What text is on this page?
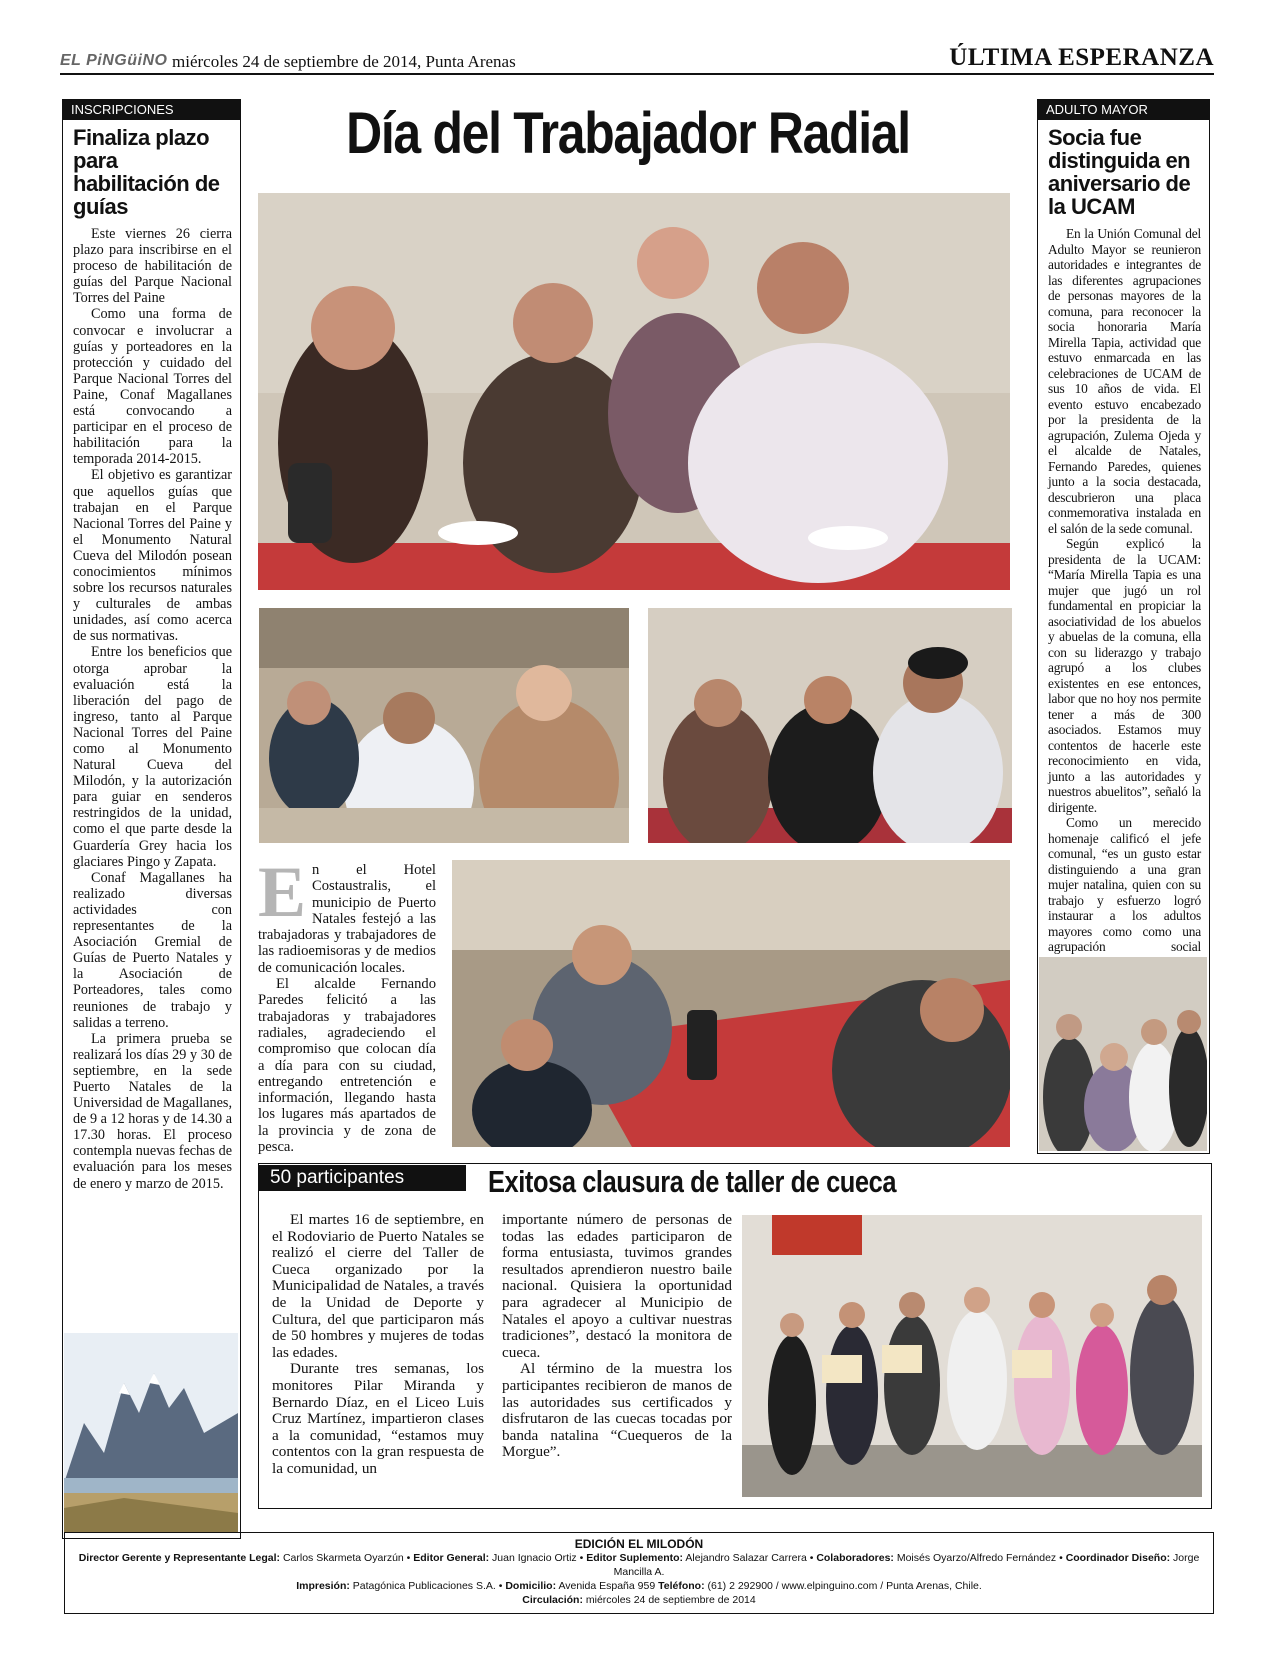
EL PiNGüiNO miércoles 24 de septiembre de 2014, Punta Arenas	ÚLTIMA ESPERANZA
INSCRIPCIONES
Finaliza plazo para habilitación de guías

Este viernes 26 cierra plazo para inscribirse en el proceso de habilitación de guías del Parque Nacional Torres del Paine

Como una forma de convocar e involucrar a guías y porteadores en la protección y cuidado del Parque Nacional Torres del Paine, Conaf Magallanes está convocando a participar en el proceso de habilitación para la temporada 2014-2015.

El objetivo es garantizar que aquellos guías que trabajan en el Parque Nacional Torres del Paine y el Monumento Natural Cueva del Milodón posean conocimientos mínimos sobre los recursos naturales y culturales de ambas unidades, así como acerca de sus normativas.

Entre los beneficios que otorga aprobar la evaluación está la liberación del pago de ingreso, tanto al Parque Nacional Torres del Paine como al Monumento Natural Cueva del Milodón, y la autorización para guiar en senderos restringidos de la unidad, como el que parte desde la Guardería Grey hacia los glaciares Pingo y Zapata.

Conaf Magallanes ha realizado diversas actividades con representantes de la Asociación Gremial de Guías de Puerto Natales y la Asociación de Porteadores, tales como reuniones de trabajo y salidas a terreno.

La primera prueba se realizará los días 29 y 30 de septiembre, en la sede Puerto Natales de la Universidad de Magallanes, de 9 a 12 horas y de 14.30 a 17.30 horas. El proceso contempla nuevas fechas de evaluación para los meses de enero y marzo de 2015.

Día del Trabajador Radial
E n el Hotel Costaustralis, el municipio de Puerto Natales festejó a las trabajadoras y trabajadores de las radioemisoras y de medios de comunicación locales.

El alcalde Fernando Paredes felicitó a las trabajadoras y trabajadores radiales, agradeciendo el compromiso que colocan día a día para con su ciudad, entregando entretención e información, llegando hasta los lugares más apartados de la provincia y de zona de pesca.

ADULTO MAYOR
Socia fue distinguida en aniversario de la UCAM

En la Unión Comunal del Adulto Mayor se reunieron autoridades e integrantes de las diferentes agrupaciones de personas mayores de la comuna, para reconocer la socia honoraria María Mirella Tapia, actividad que estuvo enmarcada en las celebraciones de UCAM de sus 10 años de vida. El evento estuvo encabezado por la presidenta de la agrupación, Zulema Ojeda y el alcalde de Natales, Fernando Paredes, quienes junto a la socia destacada, descubrieron una placa conmemorativa instalada en el salón de la sede comunal.

Según explicó la presidenta de la UCAM: “María Mirella Tapia es una mujer que jugó un rol fundamental en propiciar la asociatividad de los abuelos y abuelas de la comuna, ella con su liderazgo y trabajo agrupó a los clubes existentes en ese entonces, labor que no hoy nos permite tener a más de 300 asociados. Estamos muy contentos de hacerle este reconocimiento en vida, junto a las autoridades y nuestros abuelitos”, señaló la dirigente.

Como un merecido homenaje calificó el jefe comunal, “es un gusto estar distinguiendo a una gran mujer natalina, quien con su trabajo y esfuerzo logró instaurar a los adultos mayores como como una agrupación social

50 participantes	Exitosa clausura de taller de cueca

El martes 16 de septiembre, en el Rodoviario de Puerto Natales se realizó el cierre del Taller de Cueca organizado por la Municipalidad de Natales, a través de la Unidad de Deporte y Cultura, del que participaron más de 50 hombres y mujeres de todas las edades.

Durante tres semanas, los monitores Pilar Miranda y Bernardo Díaz, en el Liceo Luis Cruz Martínez, impartieron clases a la comunidad, “estamos muy contentos con la gran respuesta de la comunidad, un

importante número de personas de todas las edades participaron de forma entusiasta, tuvimos grandes resultados aprendieron nuestro baile nacional. Quisiera la oportunidad para agradecer al Municipio de Natales el apoyo a cultivar nuestras tradiciones”, destacó la monitora de cueca.

Al término de la muestra los participantes recibieron de manos de las autoridades sus certificados y disfrutaron de las cuecas tocadas por banda natalina “Cuequeros de la Morgue”.

EDICIÓN EL MILODÓN
Director Gerente y Representante Legal: Carlos Skarmeta Oyarzún • Editor General: Juan Ignacio Ortiz • Editor Suplemento: Alejandro Salazar Carrera • Colaboradores: Moisés Oyarzo/Alfredo Fernández • Coordinador Diseño: Jorge Mancilla A.
Impresión: Patagónica Publicaciones S.A. • Domicilio: Avenida España 959 Teléfono: (61) 2 292900 / www.elpinguino.com / Punta Arenas, Chile.
Circulación: miércoles 24 de septiembre de 2014
